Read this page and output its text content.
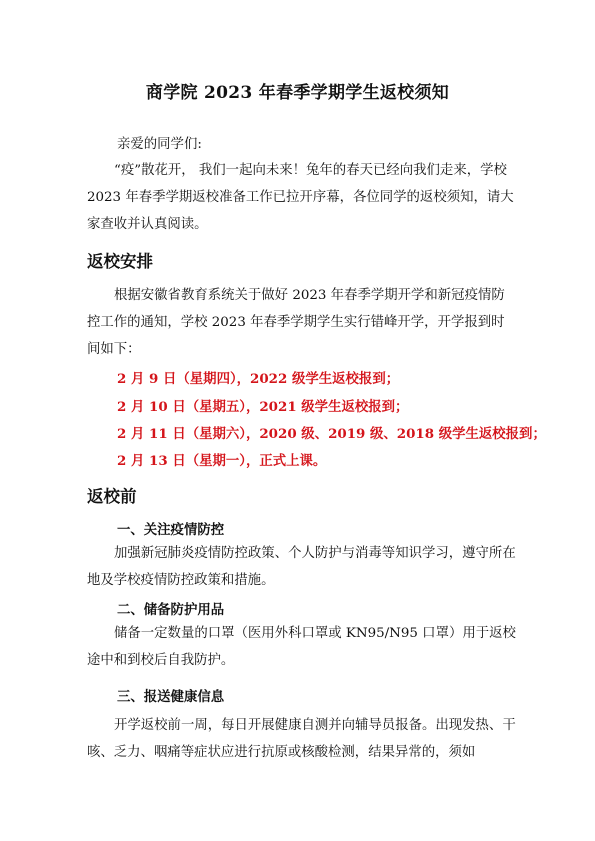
商学院 2023 年春季学期学生返校须知
亲爱的同学们:
“疫”散花开， 我们一起向未来！兔年的春天已经向我们走来，学校 2023 年春季学期返校准备工作已拉开序幕，各位同学的返校须知，请大家查收并认真阅读。
返校安排
根据安徽省教育系统关于做好 2023 年春季学期开学和新冠疫情防控工作的通知，学校 2023 年春季学期学生实行错峰开学，开学报到时间如下：
2 月 9 日（星期四），2022 级学生返校报到；
2 月 10 日（星期五），2021 级学生返校报到；
2 月 11 日（星期六），2020 级、2019 级、2018 级学生返校报到；
2 月 13 日（星期一），正式上课。
返校前
一、关注疫情防控
加强新冠肺炎疫情防控政策、个人防护与消毒等知识学习，遵守所在地及学校疫情防控政策和措施。
二、储备防护用品
储备一定数量的口罩（医用外科口罩或 KN95/N95 口罩）用于返校途中和到校后自我防护。
三、报送健康信息
开学返校前一周，每日开展健康自测并向辅导员报备。出现发热、干咳、乏力、咽痛等症状应进行抗原或核酸检测，结果异常的，须如
